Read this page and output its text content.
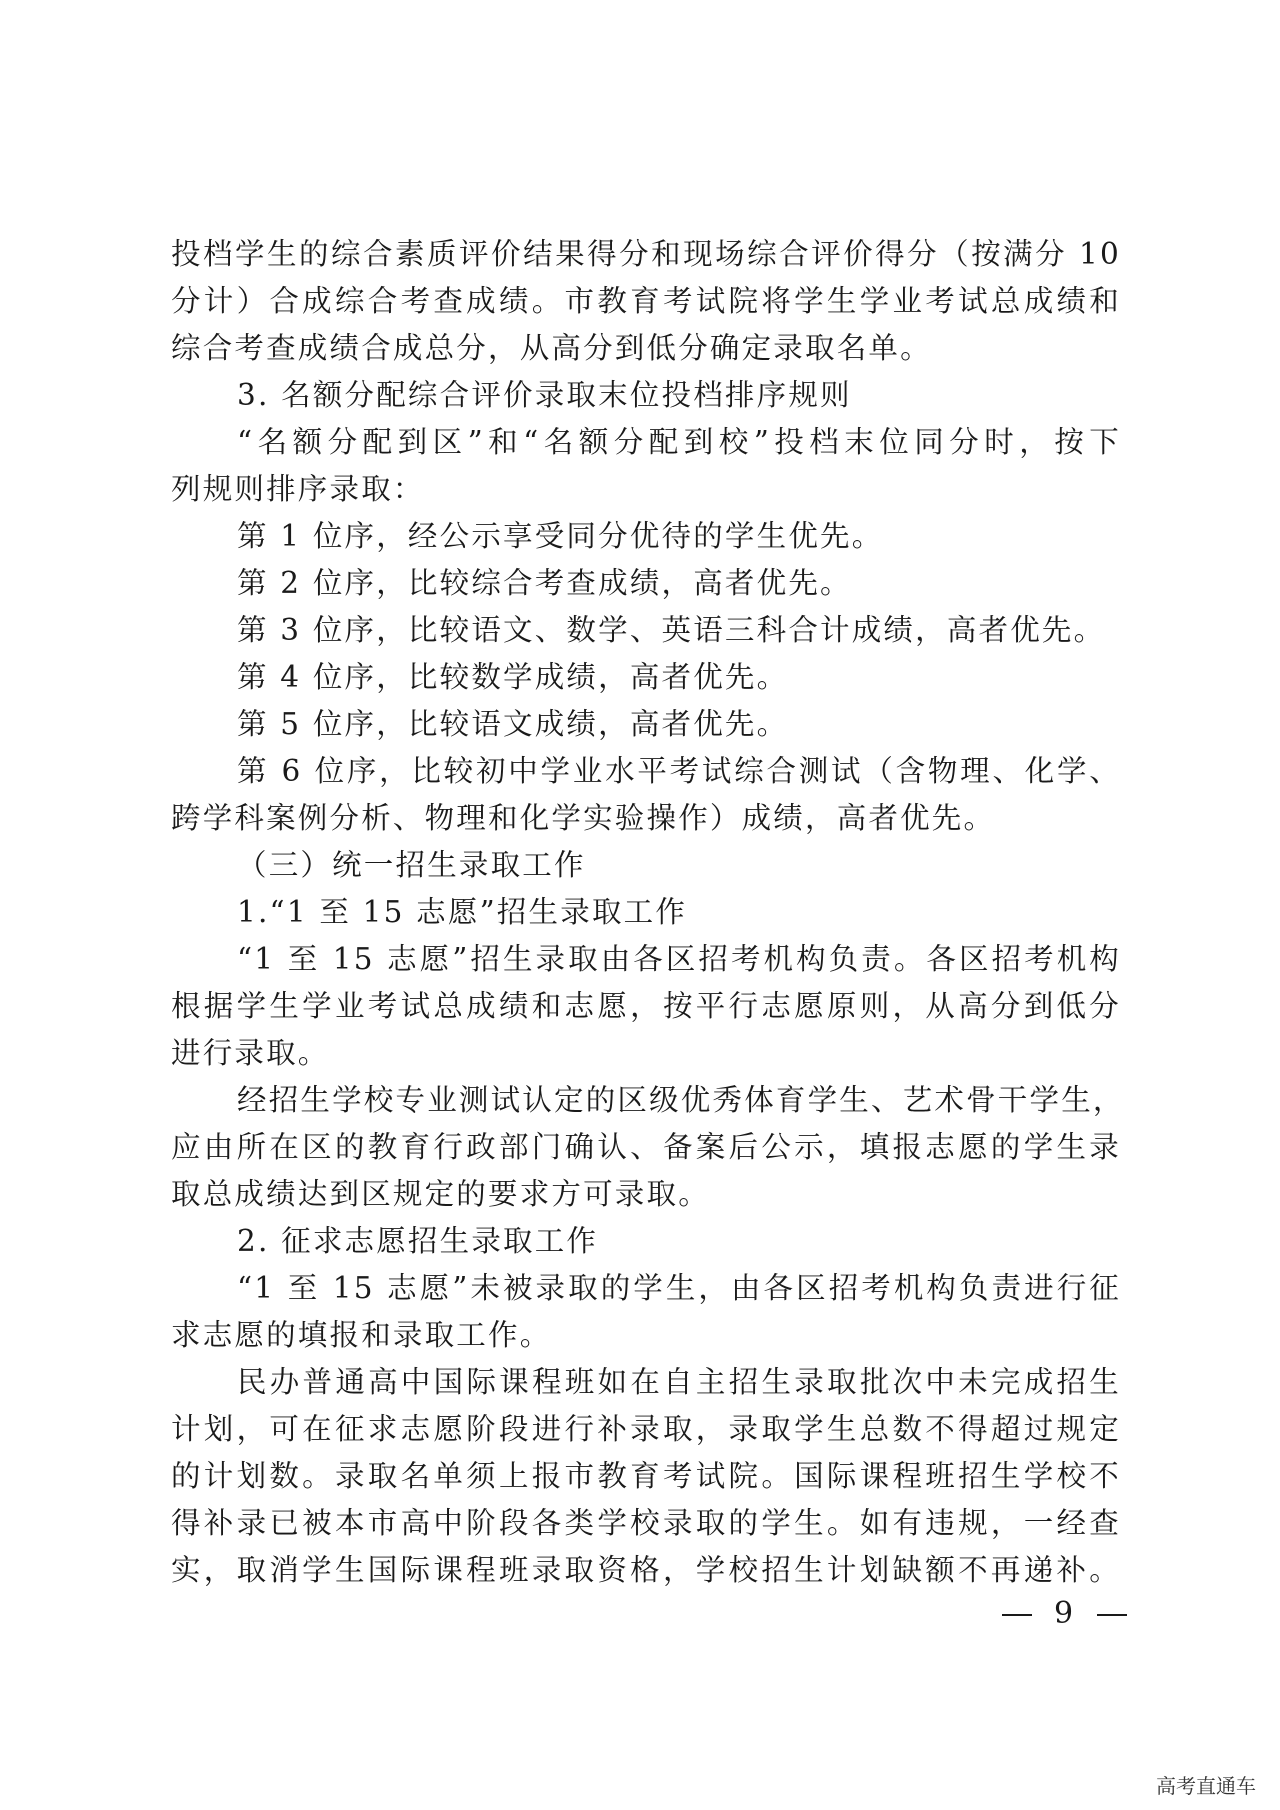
投档学生的综合素质评价结果得分和现场综合评价得分（按满分 10
分计）合成综合考查成绩。市教育考试院将学生学业考试总成绩和
综合考查成绩合成总分，从高分到低分确定录取名单。
3. 名额分配综合评价录取末位投档排序规则
“名额分配到区”和“名额分配到校”投档末位同分时，按下
列规则排序录取：
第 1 位序，经公示享受同分优待的学生优先。
第 2 位序，比较综合考查成绩，高者优先。
第 3 位序，比较语文、数学、英语三科合计成绩，高者优先。
第 4 位序，比较数学成绩，高者优先。
第 5 位序，比较语文成绩，高者优先。
第 6 位序，比较初中学业水平考试综合测试（含物理、化学、
跨学科案例分析、物理和化学实验操作）成绩，高者优先。
（三）统一招生录取工作
1.“1 至 15 志愿”招生录取工作
“1 至 15 志愿”招生录取由各区招考机构负责。各区招考机构
根据学生学业考试总成绩和志愿，按平行志愿原则，从高分到低分
进行录取。
经招生学校专业测试认定的区级优秀体育学生、艺术骨干学生，
应由所在区的教育行政部门确认、备案后公示，填报志愿的学生录
取总成绩达到区规定的要求方可录取。
2. 征求志愿招生录取工作
“1 至 15 志愿”未被录取的学生，由各区招考机构负责进行征
求志愿的填报和录取工作。
民办普通高中国际课程班如在自主招生录取批次中未完成招生
计划，可在征求志愿阶段进行补录取，录取学生总数不得超过规定
的计划数。录取名单须上报市教育考试院。国际课程班招生学校不
得补录已被本市高中阶段各类学校录取的学生。如有违规，一经查
实，取消学生国际课程班录取资格，学校招生计划缺额不再递补。
9
高考直通车
